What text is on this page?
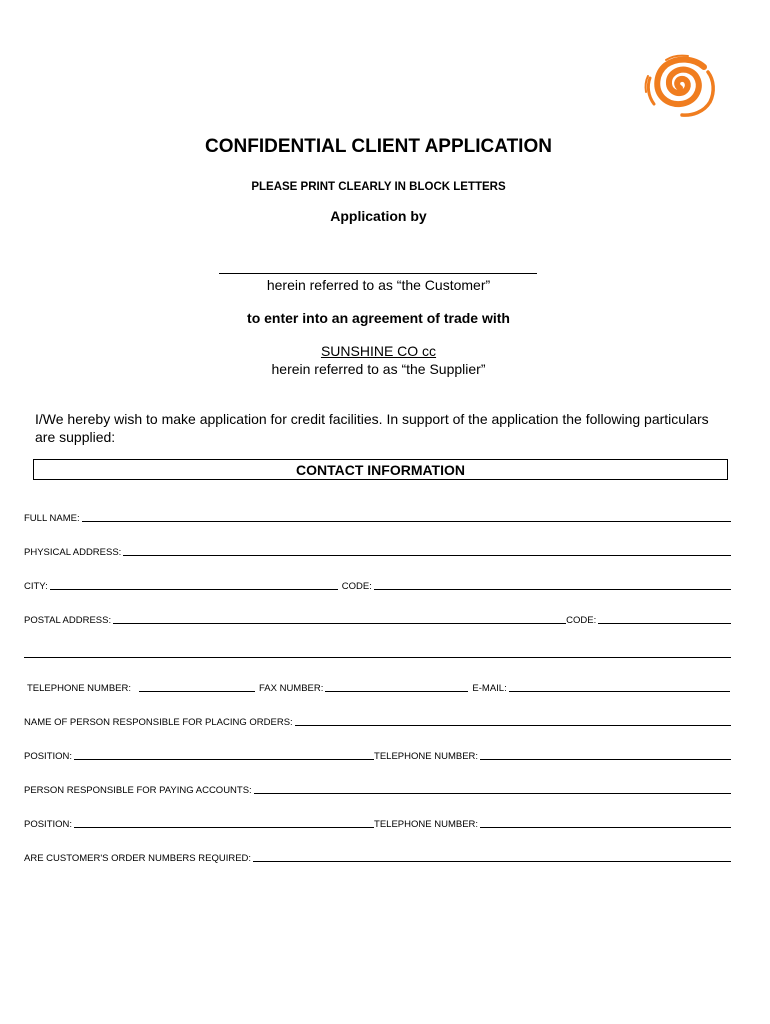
CONFIDENTIAL CLIENT APPLICATION
PLEASE PRINT CLEARLY IN BLOCK LETTERS
Application by
herein referred to as “the Customer”
to enter into an agreement of trade with
SUNSHINE CO cc
herein referred to as “the Supplier”
I/We hereby wish to make application for credit facilities. In support of the application the following particulars are supplied:
CONTACT INFORMATION
FULL NAME:
PHYSICAL ADDRESS:
CITY:	CODE:
POSTAL ADDRESS:	CODE:
TELEPHONE NUMBER:	FAX NUMBER:	E-MAIL:
NAME OF PERSON RESPONSIBLE FOR PLACING ORDERS:
POSITION:	TELEPHONE NUMBER:
PERSON RESPONSIBLE FOR PAYING ACCOUNTS:
POSITION:	TELEPHONE NUMBER:
ARE CUSTOMER'S ORDER NUMBERS REQUIRED:
